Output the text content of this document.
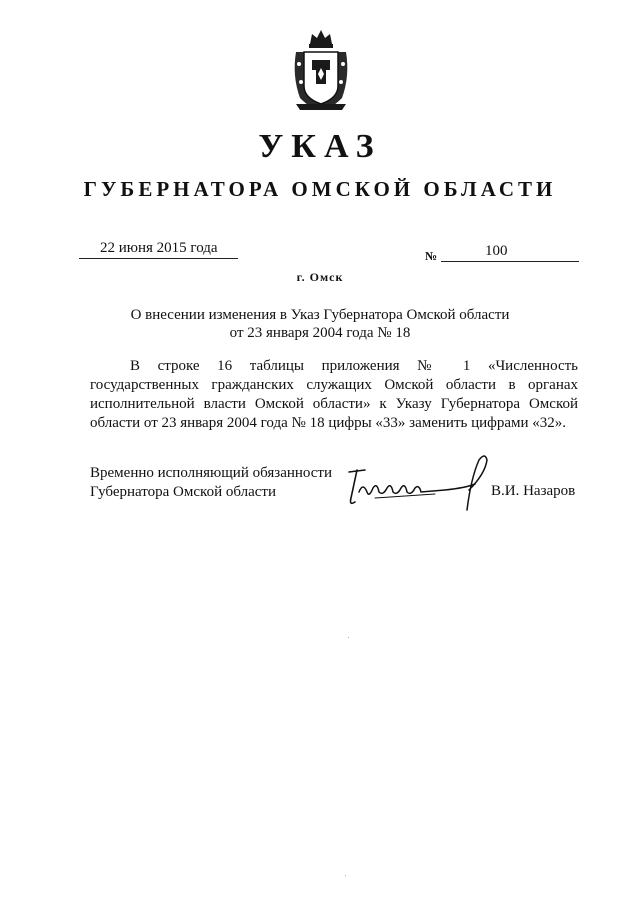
УКАЗ
ГУБЕРНАТОРА ОМСКОЙ ОБЛАСТИ
22 июня 2015 года	№	100
г. Омск
О внесении изменения в Указ Губернатора Омской области
от 23 января 2004 года № 18
В строке 16 таблицы приложения № 1 «Численность государственных гражданских служащих Омской области в органах исполнительной власти Омской области» к Указу Губернатора Омской области от 23 января 2004 года № 18 цифры «33» заменить цифрами «32».
Временно исполняющий обязанности
Губернатора Омской области	В.И. Назаров
